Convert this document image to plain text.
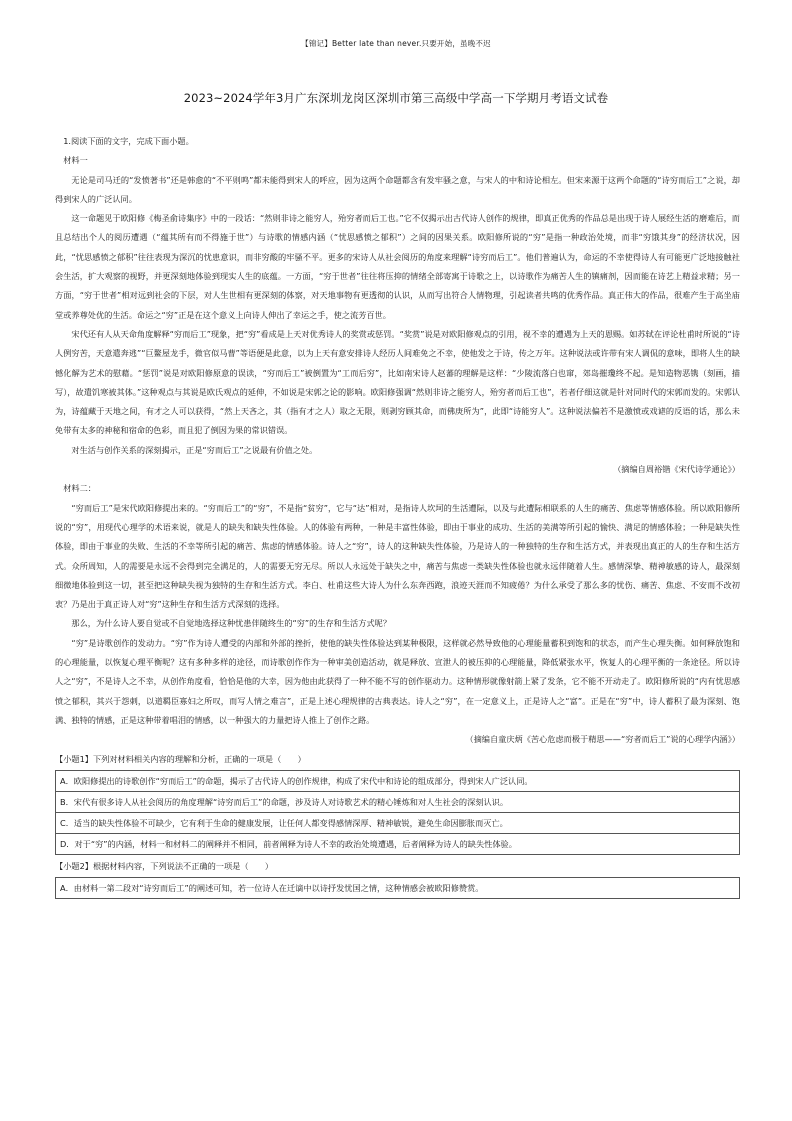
【锦记】Better late than never.只要开始，虽晚不迟
2023~2024学年3月广东深圳龙岗区深圳市第三高级中学高一下学期月考语文试卷

1.阅读下面的文字，完成下面小题。

材料一

无论是司马迁的“发愤著书”还是韩愈的“不平则鸣”都未能得到宋人的呼应，因为这两个命题都含有发牢骚之意，与宋人的中和诗论相左。但宋来源于这两个命题的“诗穷而后工”之说，却得到宋人的广泛认同。

这一命题见于欧阳修《梅圣俞诗集序》中的一段话：“然则非诗之能穷人，殆穷者而后工也。”它不仅揭示出古代诗人创作的规律，即真正优秀的作品总是出现于诗人展经生活的磨难后，而且总结出个人的阅历遭遇（“蕴其所有而不得施于世”）与诗歌的情感内涵（“忧思感愤之郁积”）之间的因果关系。欧阳修所说的“穷”是指一种政治处境，而非“穷饿其身”的经济状况，因此，“忧思感愤之郁积”往往表现为深沉的忧患意识，而非穷酸的牢骚不平。更多的宋诗人从社会阅历的角度来理解“诗穷而后工”。他们普遍认为，命运的不幸使得诗人有可能更广泛地接触社会生活，扩大观察的视野，并更深刻地体验到现实人生的底蕴。一方面，“穷于世者”往往将压抑的情绪全部寄寓于诗歌之上，以诗歌作为痛苦人生的镇痛剂，因而能在诗艺上精益求精；另一方面，“穷于世者”相对远到社会的下层，对人生世相有更深刻的体察，对天地事物有更透彻的认识，从而写出符合人情物理，引起读者共鸣的优秀作品。真正伟大的作品，很难产生于高坐庙堂或养尊处优的生活。命运之“穷”正是在这个意义上向诗人伸出了幸运之手，使之流芳百世。

宋代还有人从天命角度解释“穷而后工”现象，把“穷”看成是上天对优秀诗人的奖赏或惩罚。“奖赏”说是对欧阳修观点的引用，视不幸的遭遇为上天的恩赐。如苏轼在评论杜甫时所说的“诗人例穷苦，天意遣奔逃”“巨鳌屋龙手，微官似马曹”等语便是此意，以为上天有意安排诗人经历人间难免之不幸，使他发之于诗，传之万年。这种说法或许带有宋人调侃的意味，即将人生的缺憾化解为艺术的慰藉。“惩罚”说是对欧阳修原意的误读，“穷而后工”被倒置为“工而后穷”，比如南宋诗人赵蕃的理解是这样：“少陵流落白也窜，郊岛摧瓊终不起。是知造物恶镌（刻画，描写），故遣饥寒被其体。”这种观点与其说是欧氏观点的延伸，不如说是宋郭之论的影响。欧阳修强调“然则非诗之能穷人，殆穷者而后工也”，若者仔细这就是针对同时代的宋郭而发的。宋郭认为，诗蕴藏于天地之间，有才之人可以获得，“然上天吝之，其（指有才之人）取之无限，则剥穷顾其命，而佛庚所为”，此即“诗能穷人”。这种说法偏若不是激愤或戏谑的反语的话，那么未免带有太多的神秘和宿命的色彩，而且犯了倒因为果的常识错误。

对生活与创作关系的深刻揭示，正是“穷而后工”之说最有价值之处。

（摘编自周裕锴《宋代诗学通论》）

材料二：

“穷而后工”是宋代欧阳修提出来的。“穷而后工”的“穷”，不是指“贫穷”，它与“达”相对，是指诗人坎坷的生活遭际，以及与此遭际相联系的人生的痛苦、焦虑等情感体验。所以欧阳修所说的“穷”，用现代心理学的术语来说，就是人的缺失和缺失性体验。人的体验有两种，一种是丰富性体验，即由于事业的成功、生活的美满等所引起的愉快、满足的情感体验；一种是缺失性体验，即由于事业的失败、生活的不幸等所引起的痛苦、焦虑的情感体验。诗人之“穷”，诗人的这种缺失性体验，乃是诗人的一种独特的生存和生活方式，并表现出真正的人的生存和生活方式。众所周知，人的需要是永远不会得到完全满足的，人的需要无穷无尽。所以人永远处于缺失之中，痛苦与焦虑一类缺失性体验也就永远伴随着人生。感情深挚、精神敏感的诗人，最深刻细微地体验到这一切，甚至把这种缺失视为独特的生存和生活方式。李白、杜甫这些大诗人为什么东奔西跑，浪迹天涯而不知疲倦？为什么承受了那么多的忧伤、痛苦、焦虑、不安而不改初衷？乃是出于真正诗人对“穷”这种生存和生活方式深刻的选择。

那么，为什么诗人要自觉或不自觉地选择这种忧患伴随终生的“穷”的生存和生活方式呢？

“穷”是诗歌创作的发动力。“穷”作为诗人遭受的内部和外部的挫折，使他的缺失性体验达到某种极限，这样就必然导致他的心理能量蓄积到饱和的状态，而产生心理失衡。如何释放饱和的心理能量，以恢复心理平衡呢？这有多种多样的途径，而诗歌创作作为一种审美创造活动，就是释放、宣泄人的被压抑的心理能量，降低紧张水平，恢复人的心理平衡的一条途径。所以诗人之“穷”，不是诗人之不幸，从创作角度看，恰恰是他的大幸，因为他由此获得了一种不能不写的创作驱动力。这种情形就像射箭上紧了发条，它不能不开动走了。欧阳修所说的“内有忧思感愤之郁积，其兴于怨刺，以道羁臣寡妇之所叹，而写人情之难言”，正是上述心理规律的古典表达。诗人之“穷”，在一定意义上，正是诗人之“富”。正是在“穷”中，诗人蓄积了最为深刻、饱满、独特的情感，正是这种带着唱泪的情感，以一种强大的力量把诗人推上了创作之路。

（摘编自童庆炳《苦心危虑而极于精思——“穷者而后工”说的心理学内涵》）

【小题1】下列对材料相关内容的理解和分析，正确的一项是（　　）

A．欧阳修提出的诗歌创作“穷而后工”的命题，揭示了古代诗人的创作规律，构成了宋代中和诗论的组成部分，得到宋人广泛认同。
B．宋代有很多诗人从社会阅历的角度理解“诗穷而后工”的命题，涉及诗人对诗歌艺术的精心锤炼和对人生社会的深刻认识。
C．适当的缺失性体验不可缺少，它有利于生命的健康发展，让任何人都变得感情深厚、精神敏锐，避免生命因膨胀而灭亡。
D．对于“穷”的内涵，材料一和材料二的阐释并不相同，前者阐释为诗人不幸的政治处境遭遇，后者阐释为诗人的缺失性体验。

【小题2】根据材料内容，下列说法不正确的一项是（　　）

A．由材料一第二段对“诗穷而后工”的阐述可知，若一位诗人在迁谪中以诗抒发忧国之情，这种情感会被欧阳修赞赏。
